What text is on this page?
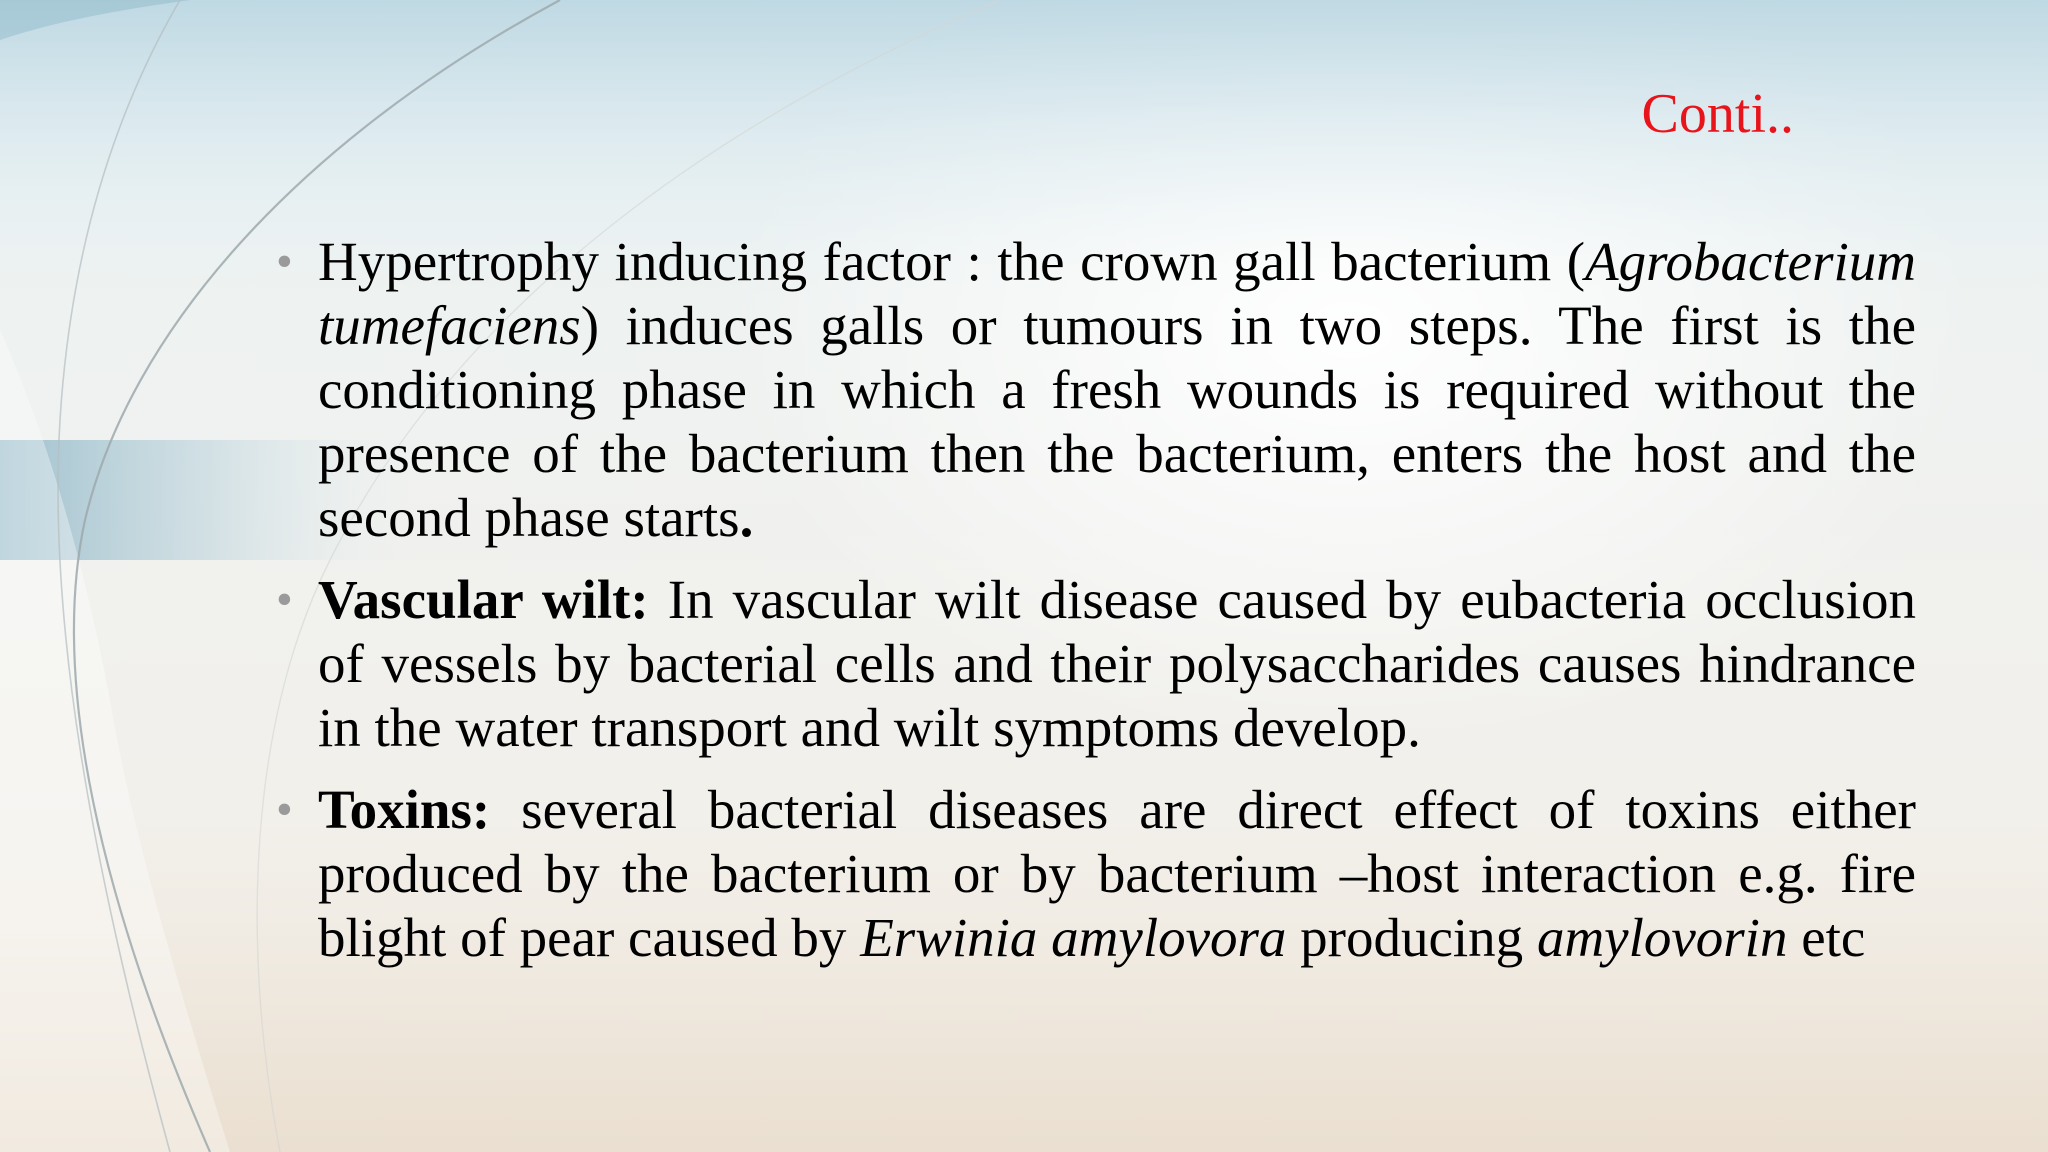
Conti..
• Hypertrophy inducing factor : the crown gall bacterium (Agrobacterium tumefaciens) induces galls or tumours in two steps. The first is the conditioning phase in which a fresh wounds is required without the presence of the bacterium then the bacterium, enters the host and the second phase starts.
• Vascular wilt: In vascular wilt disease caused by eubacteria occlusion of vessels by bacterial cells and their polysaccharides causes hindrance in the water transport and wilt symptoms develop.
• Toxins: several bacterial diseases are direct effect of toxins either produced by the bacterium or by bacterium –host interaction e.g. fire blight of pear caused by Erwinia amylovora producing amylovorin etc
